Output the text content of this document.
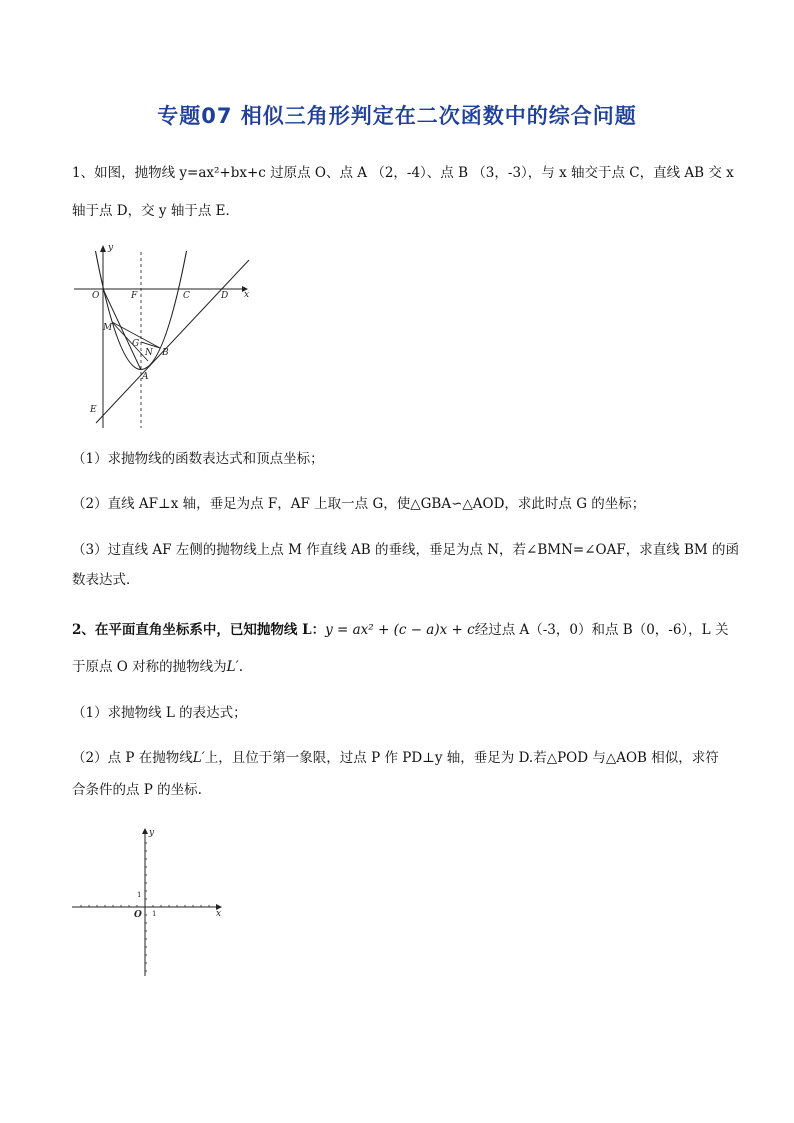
专题07 相似三角形判定在二次函数中的综合问题
1、如图，抛物线 y=ax²+bx+c 过原点 O、点 A （2，-4）、点 B （3，-3），与 x 轴交于点 C，直线 AB 交 x
轴于点 D，交 y 轴于点 E．
y
x
O	F	C	D
M
G
N B
A
E
（1）求抛物线的函数表达式和顶点坐标；
（2）直线 AF⊥x 轴，垂足为点 F，AF 上取一点 G，使△GBA∽△AOD，求此时点 G 的坐标；
（3）过直线 AF 左侧的抛物线上点 M 作直线 AB 的垂线，垂足为点 N，若∠BMN=∠OAF，求直线 BM 的函
数表达式．
2、在平面直角坐标系中，已知抛物线 L：y = ax² + (c − a)x + c经过点 A（-3，0）和点 B（0，-6），L 关
于原点 O 对称的抛物线为L′.
（1）求抛物线 L 的表达式；
（2）点 P 在抛物线L′上，且位于第一象限，过点 P 作 PD⊥y 轴，垂足为 D.若△POD 与△AOB 相似，求符
合条件的点 P 的坐标.
y
x
O 1
1
